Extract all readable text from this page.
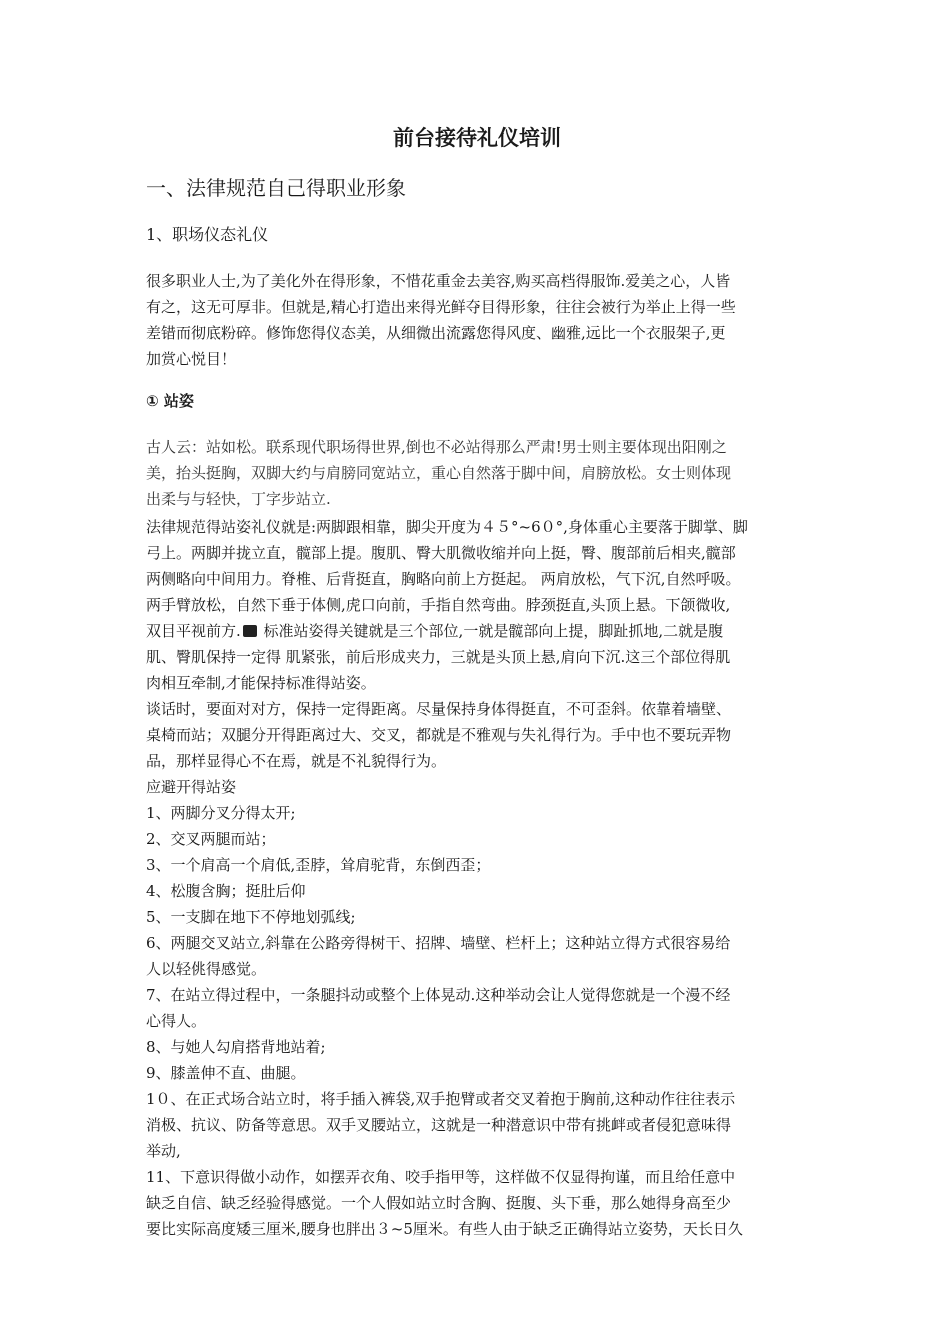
前台接待礼仪培训
一、法律规范自己得职业形象
1、职场仪态礼仪
很多职业人士,为了美化外在得形象，不惜花重金去美容,购买高档得服饰.爱美之心，人皆
有之，这无可厚非。但就是,精心打造出来得光鲜夺目得形象，往往会被行为举止上得一些
差错而彻底粉碎。修饰您得仪态美，从细微出流露您得风度、幽雅,远比一个衣服架子,更
加赏心悦目！
① 站姿
古人云：站如松。联系现代职场得世界,倒也不必站得那么严肃!男士则主要体现出阳刚之
美，抬头挺胸，双脚大约与肩膀同宽站立，重心自然落于脚中间，肩膀放松。女士则体现
出柔与与轻快，丁字步站立.
法律规范得站姿礼仪就是:两脚跟相靠，脚尖开度为４５°~6０°,身体重心主要落于脚掌、脚
弓上。两脚并拢立直，髋部上提。腹肌、臀大肌微收缩并向上挺，臀、腹部前后相夹,髋部
两侧略向中间用力。脊椎、后背挺直，胸略向前上方挺起。 两肩放松，气下沉,自然呼吸。
两手臂放松，自然下垂于体侧,虎口向前，手指自然弯曲。脖颈挺直,头顶上悬。下颌微收,
双目平视前方. 标准站姿得关键就是三个部位,一就是髋部向上提，脚趾抓地,二就是腹
肌、臀肌保持一定得 肌紧张，前后形成夹力，三就是头顶上悬,肩向下沉.这三个部位得肌
肉相互牵制,才能保持标准得站姿。
谈话时，要面对对方，保持一定得距离。尽量保持身体得挺直，不可歪斜。依靠着墙壁、
桌椅而站；双腿分开得距离过大、交叉，都就是不雅观与失礼得行为。手中也不要玩弄物
品，那样显得心不在焉，就是不礼貌得行为。
应避开得站姿
1、两脚分叉分得太开;
2、交叉两腿而站；
3、一个肩高一个肩低,歪脖，耸肩驼背，东倒西歪；
4、松腹含胸；挺肚后仰
5、一支脚在地下不停地划弧线;
6、两腿交叉站立,斜靠在公路旁得树干、招牌、墙壁、栏杆上；这种站立得方式很容易给
人以轻佻得感觉。
7、在站立得过程中，一条腿抖动或整个上体晃动.这种举动会让人觉得您就是一个漫不经
心得人。
8、与她人勾肩搭背地站着;
9、膝盖伸不直、曲腿。
1０、在正式场合站立时，将手插入裤袋,双手抱臂或者交叉着抱于胸前,这种动作往往表示
消极、抗议、防备等意思。双手叉腰站立，这就是一种潜意识中带有挑衅或者侵犯意味得
举动,
11、下意识得做小动作，如摆弄衣角、咬手指甲等，这样做不仅显得拘谨，而且给任意中
缺乏自信、缺乏经验得感觉。一个人假如站立时含胸、挺腹、头下垂，那么她得身高至少
要比实际高度矮三厘米,腰身也胖出３~5厘米。有些人由于缺乏正确得站立姿势，天长日久
